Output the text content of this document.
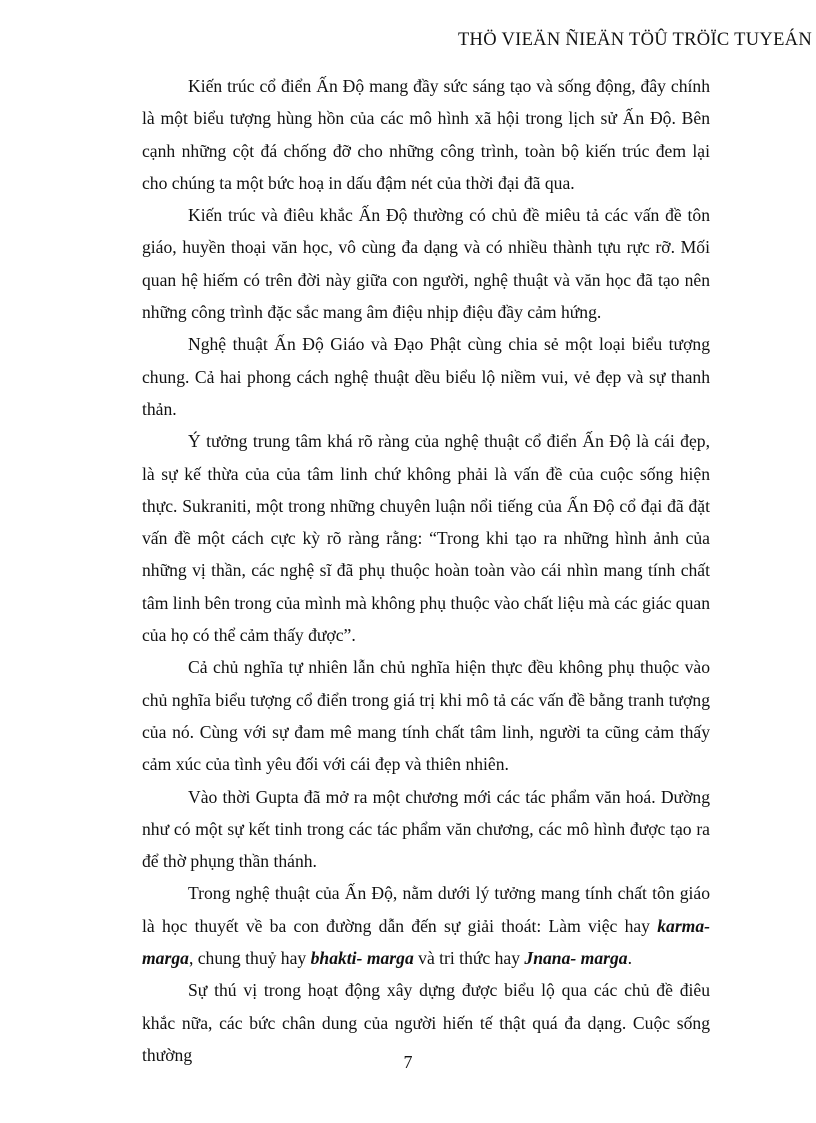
THÖ VIEÄN ÑIEÄN TÖÛ TRÖÏC TUYEÁN

Kiến trúc cổ điển Ấn Độ mang đầy sức sáng tạo và sống động, đây chính là một biểu tượng hùng hồn của các mô hình xã hội trong lịch sử Ấn Độ. Bên cạnh những cột đá chống đỡ cho những công trình, toàn bộ kiến trúc đem lại cho chúng ta một bức hoạ in dấu đậm nét của thời đại đã qua.

Kiến trúc và điêu khắc Ấn Độ thường có chủ đề miêu tả các vấn đề tôn giáo, huyền thoại văn học, vô cùng đa dạng và có nhiều thành tựu rực rỡ. Mối quan hệ hiếm có trên đời này giữa con người, nghệ thuật và văn học đã tạo nên những công trình đặc sắc mang âm điệu nhịp điệu đầy cảm hứng.

Nghệ thuật Ấn Độ Giáo và Đạo Phật cùng chia sẻ một loại biểu tượng chung. Cả hai phong cách nghệ thuật dều biểu lộ niềm vui, vẻ đẹp và sự thanh thản.

Ý tưởng trung tâm khá rõ ràng của nghệ thuật cổ điển Ấn Độ là cái đẹp, là sự kế thừa của của tâm linh chứ không phải là vấn đề của cuộc sống hiện thực. Sukraniti, một trong những chuyên luận nổi tiếng của Ấn Độ cổ đại đã đặt vấn đề một cách cực kỳ rõ ràng rằng: “Trong khi tạo ra những hình ảnh của những vị thần, các nghệ sĩ đã phụ thuộc hoàn toàn vào cái nhìn mang tính chất tâm linh bên trong của mình mà không phụ thuộc vào chất liệu mà các giác quan của họ có thể cảm thấy được”.

Cả chủ nghĩa tự nhiên lẫn chủ nghĩa hiện thực đều không phụ thuộc vào chủ nghĩa biểu tượng cổ điển trong giá trị khi mô tả các vấn đề bằng tranh tượng của nó. Cùng với sự đam mê mang tính chất tâm linh, người ta cũng cảm thấy cảm xúc của tình yêu đối với cái đẹp và thiên nhiên.

Vào thời Gupta đã mở ra một chương mới các tác phẩm văn hoá. Dường như có một sự kết tinh trong các tác phẩm văn chương, các mô hình được tạo ra để thờ phụng thần thánh.

Trong nghệ thuật của Ấn Độ, nằm dưới lý tưởng mang tính chất tôn giáo là học thuyết về ba con đường dẫn đến sự giải thoát: Làm việc hay karma-marga, chung thuỷ hay bhakti- marga và tri thức hay Jnana- marga.

Sự thú vị trong hoạt động xây dựng được biểu lộ qua các chủ đề điêu khắc nữa, các bức chân dung của người hiến tế thật quá đa dạng. Cuộc sống thường	7
